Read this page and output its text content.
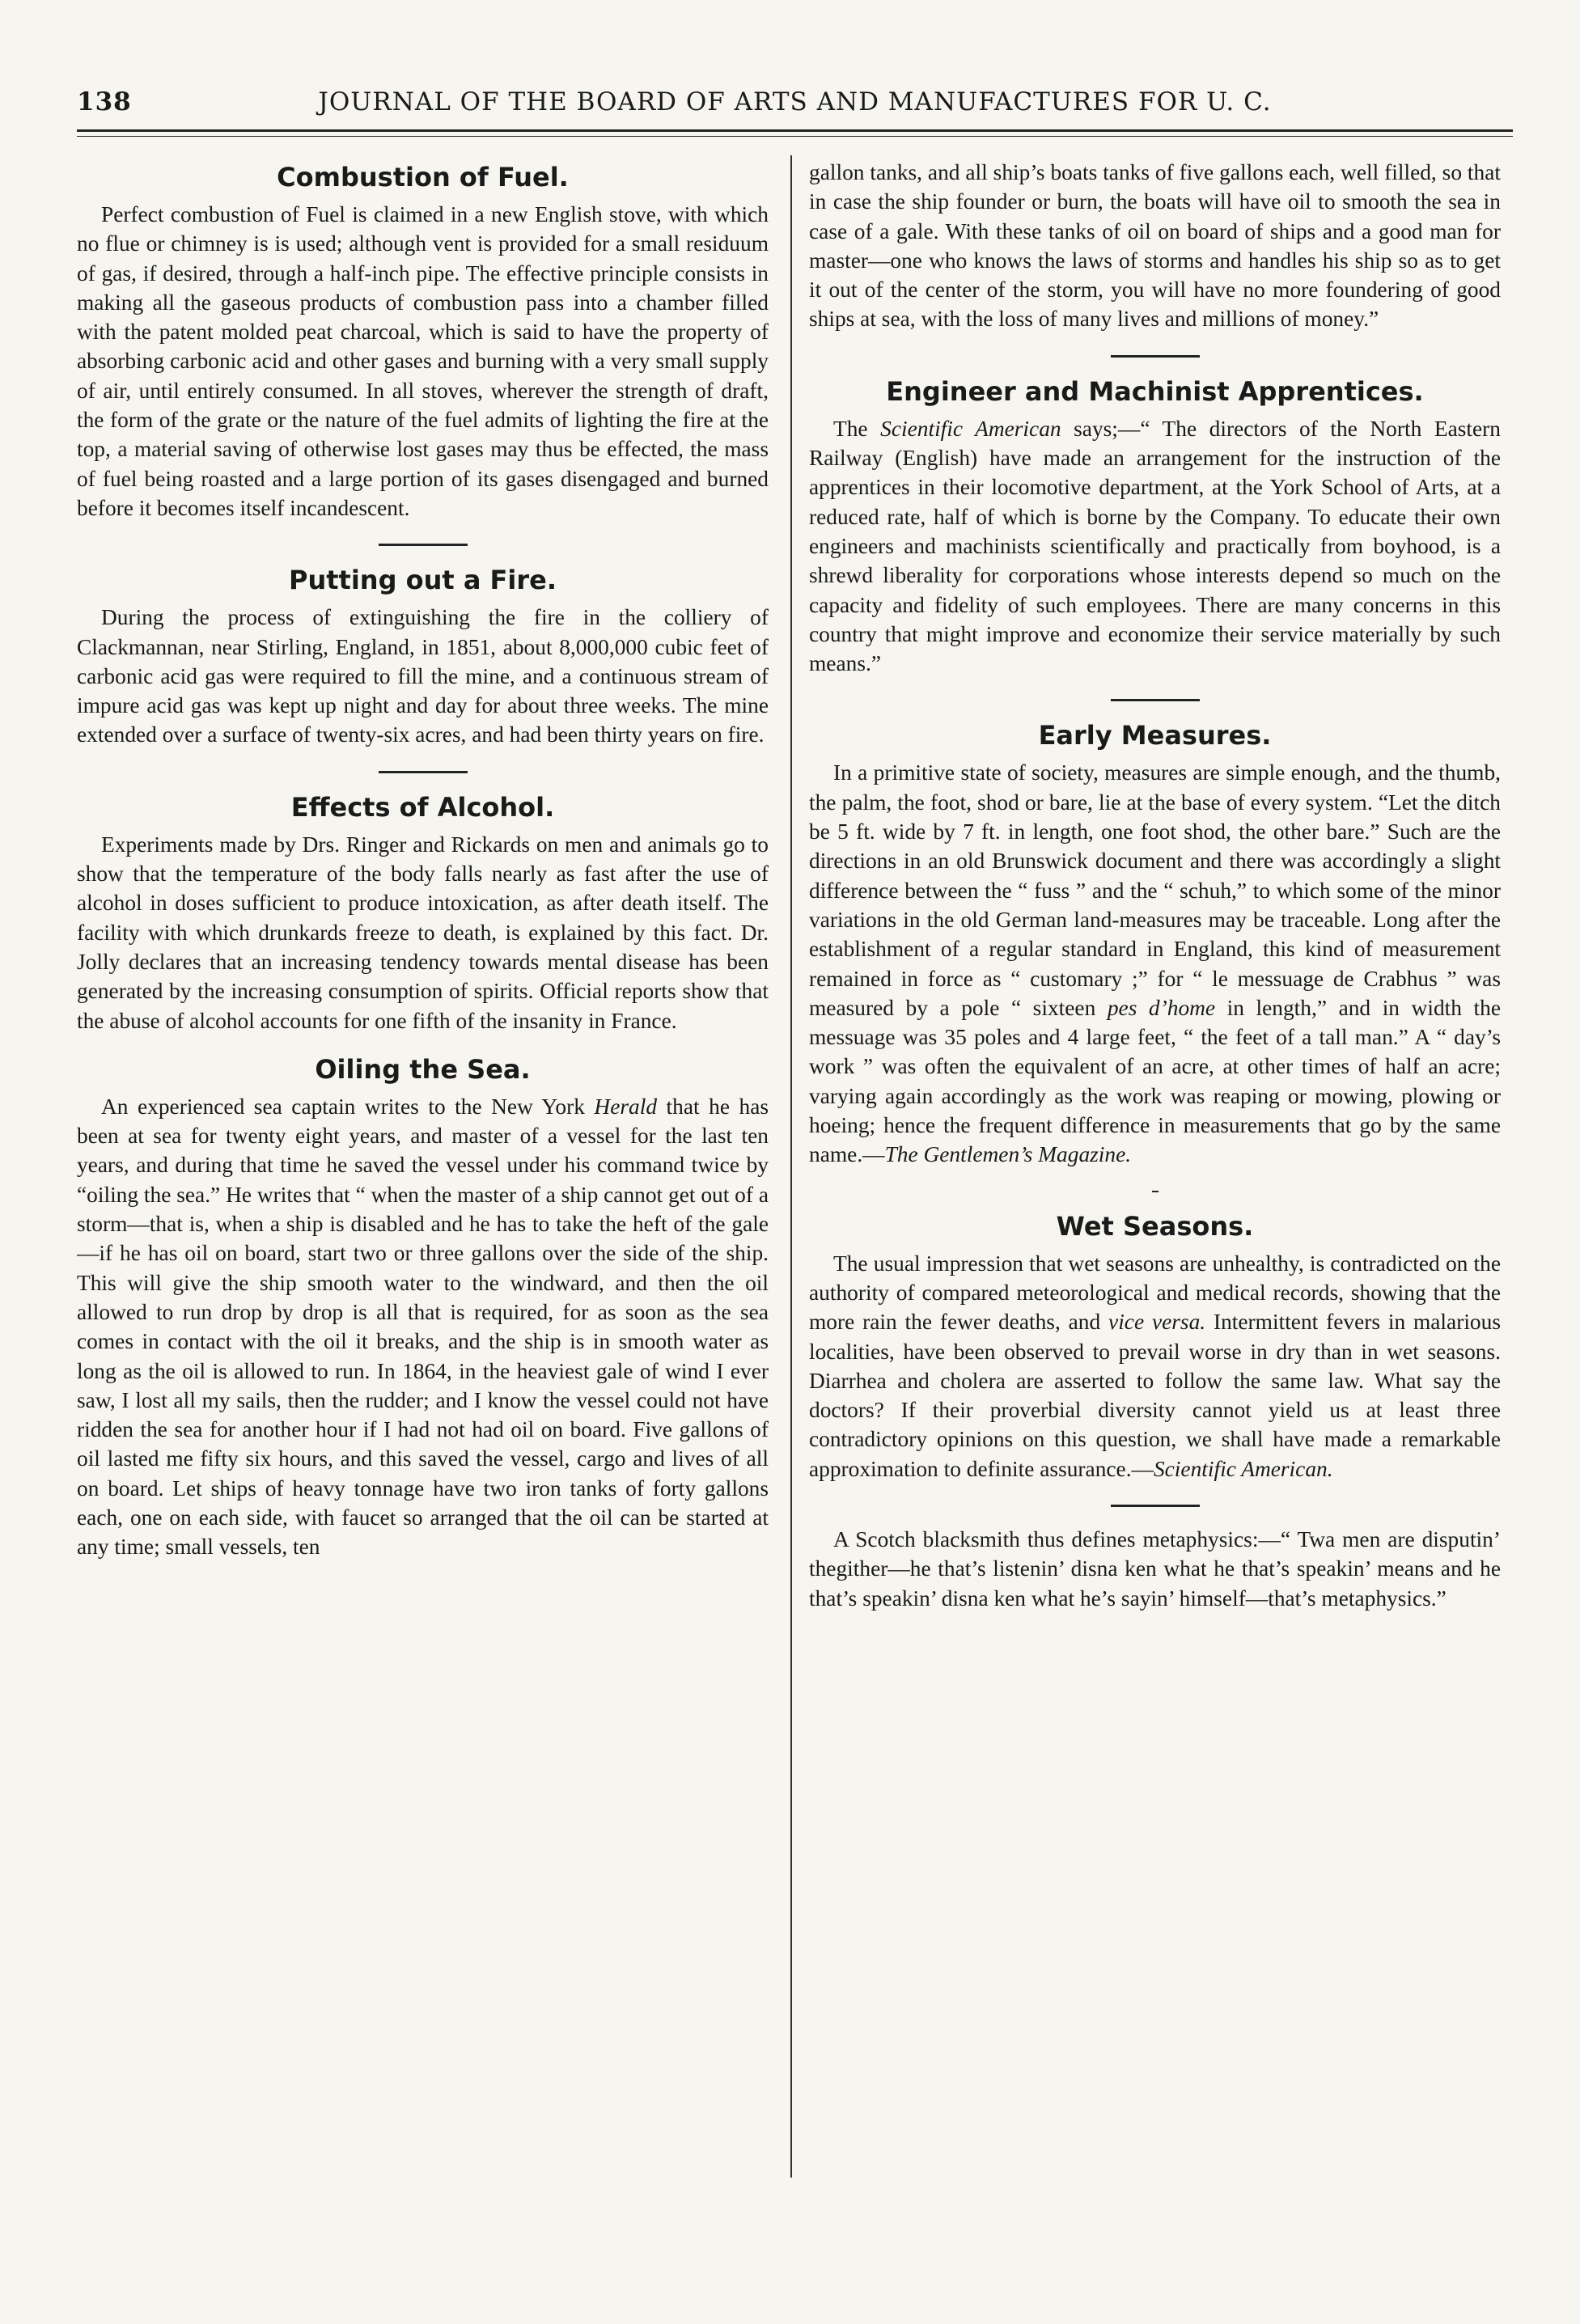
138	JOURNAL OF THE BOARD OF ARTS AND MANUFACTURES FOR U. C.
Combustion of Fuel.

Perfect combustion of Fuel is claimed in a new English stove, with which no flue or chimney is is used; although vent is provided for a small residuum of gas, if desired, through a half-inch pipe. The effective principle consists in making all the gaseous products of combustion pass into a chamber filled with the patent molded peat charcoal, which is said to have the property of absorbing carbonic acid and other gases and burning with a very small supply of air, until entirely consumed. In all stoves, wherever the strength of draft, the form of the grate or the nature of the fuel admits of lighting the fire at the top, a material saving of otherwise lost gases may thus be effected, the mass of fuel being roasted and a large portion of its gases disengaged and burned before it becomes itself incandescent.

Putting out a Fire.

During the process of extinguishing the fire in the colliery of Clackmannan, near Stirling, England, in 1851, about 8,000,000 cubic feet of carbonic acid gas were required to fill the mine, and a continuous stream of impure acid gas was kept up night and day for about three weeks. The mine extended over a surface of twenty-six acres, and had been thirty years on fire.

Effects of Alcohol.

Experiments made by Drs. Ringer and Rickards on men and animals go to show that the temperature of the body falls nearly as fast after the use of alcohol in doses sufficient to produce intoxication, as after death itself. The facility with which drunkards freeze to death, is explained by this fact. Dr. Jolly declares that an increasing tendency towards mental disease has been generated by the increasing consumption of spirits. Official reports show that the abuse of alcohol accounts for one fifth of the insanity in France.

Oiling the Sea.

An experienced sea captain writes to the New York Herald that he has been at sea for twenty eight years, and master of a vessel for the last ten years, and during that time he saved the vessel under his command twice by “oiling the sea.” He writes that “ when the master of a ship cannot get out of a storm—that is, when a ship is disabled and he has to take the heft of the gale—if he has oil on board, start two or three gallons over the side of the ship. This will give the ship smooth water to the windward, and then the oil allowed to run drop by drop is all that is required, for as soon as the sea comes in contact with the oil it breaks, and the ship is in smooth water as long as the oil is allowed to run. In 1864, in the heaviest gale of wind I ever saw, I lost all my sails, then the rudder; and I know the vessel could not have ridden the sea for another hour if I had not had oil on board. Five gallons of oil lasted me fifty six hours, and this saved the vessel, cargo and lives of all on board. Let ships of heavy tonnage have two iron tanks of forty gallons each, one on each side, with faucet so arranged that the oil can be started at any time; small vessels, ten

gallon tanks, and all ship’s boats tanks of five gallons each, well filled, so that in case the ship founder or burn, the boats will have oil to smooth the sea in case of a gale. With these tanks of oil on board of ships and a good man for master—one who knows the laws of storms and handles his ship so as to get it out of the center of the storm, you will have no more foundering of good ships at sea, with the loss of many lives and millions of money.”

Engineer and Machinist Apprentices.

The Scientific American says;—“ The directors of the North Eastern Railway (English) have made an arrangement for the instruction of the apprentices in their locomotive department, at the York School of Arts, at a reduced rate, half of which is borne by the Company. To educate their own engineers and machinists scientifically and practically from boyhood, is a shrewd liberality for corporations whose interests depend so much on the capacity and fidelity of such employees. There are many concerns in this country that might improve and economize their service materially by such means.”

Early Measures.

In a primitive state of society, measures are simple enough, and the thumb, the palm, the foot, shod or bare, lie at the base of every system. “Let the ditch be 5 ft. wide by 7 ft. in length, one foot shod, the other bare.” Such are the directions in an old Brunswick document and there was accordingly a slight difference between the “ fuss ” and the “ schuh,” to which some of the minor variations in the old German land-measures may be traceable. Long after the establishment of a regular standard in England, this kind of measurement remained in force as “ customary ;” for “ le messuage de Crabhus ” was measured by a pole “ sixteen pes d’home in length,” and in width the messuage was 35 poles and 4 large feet, “ the feet of a tall man.” A “ day’s work ” was often the equivalent of an acre, at other times of half an acre; varying again accordingly as the work was reaping or mowing, plowing or hoeing; hence the frequent difference in measurements that go by the same name.—The Gentlemen’s Magazine.

Wet Seasons.

The usual impression that wet seasons are unhealthy, is contradicted on the authority of compared meteorological and medical records, showing that the more rain the fewer deaths, and vice versa. Intermittent fevers in malarious localities, have been observed to prevail worse in dry than in wet seasons. Diarrhea and cholera are asserted to follow the same law. What say the doctors? If their proverbial diversity cannot yield us at least three contradictory opinions on this question, we shall have made a remarkable approximation to definite assurance.—Scientific American.

A Scotch blacksmith thus defines metaphysics:—“ Twa men are disputin’ thegither—he that’s listenin’ disna ken what he that’s speakin’ means and he that’s speakin’ disna ken what he’s sayin’ himself—that’s metaphysics.”
